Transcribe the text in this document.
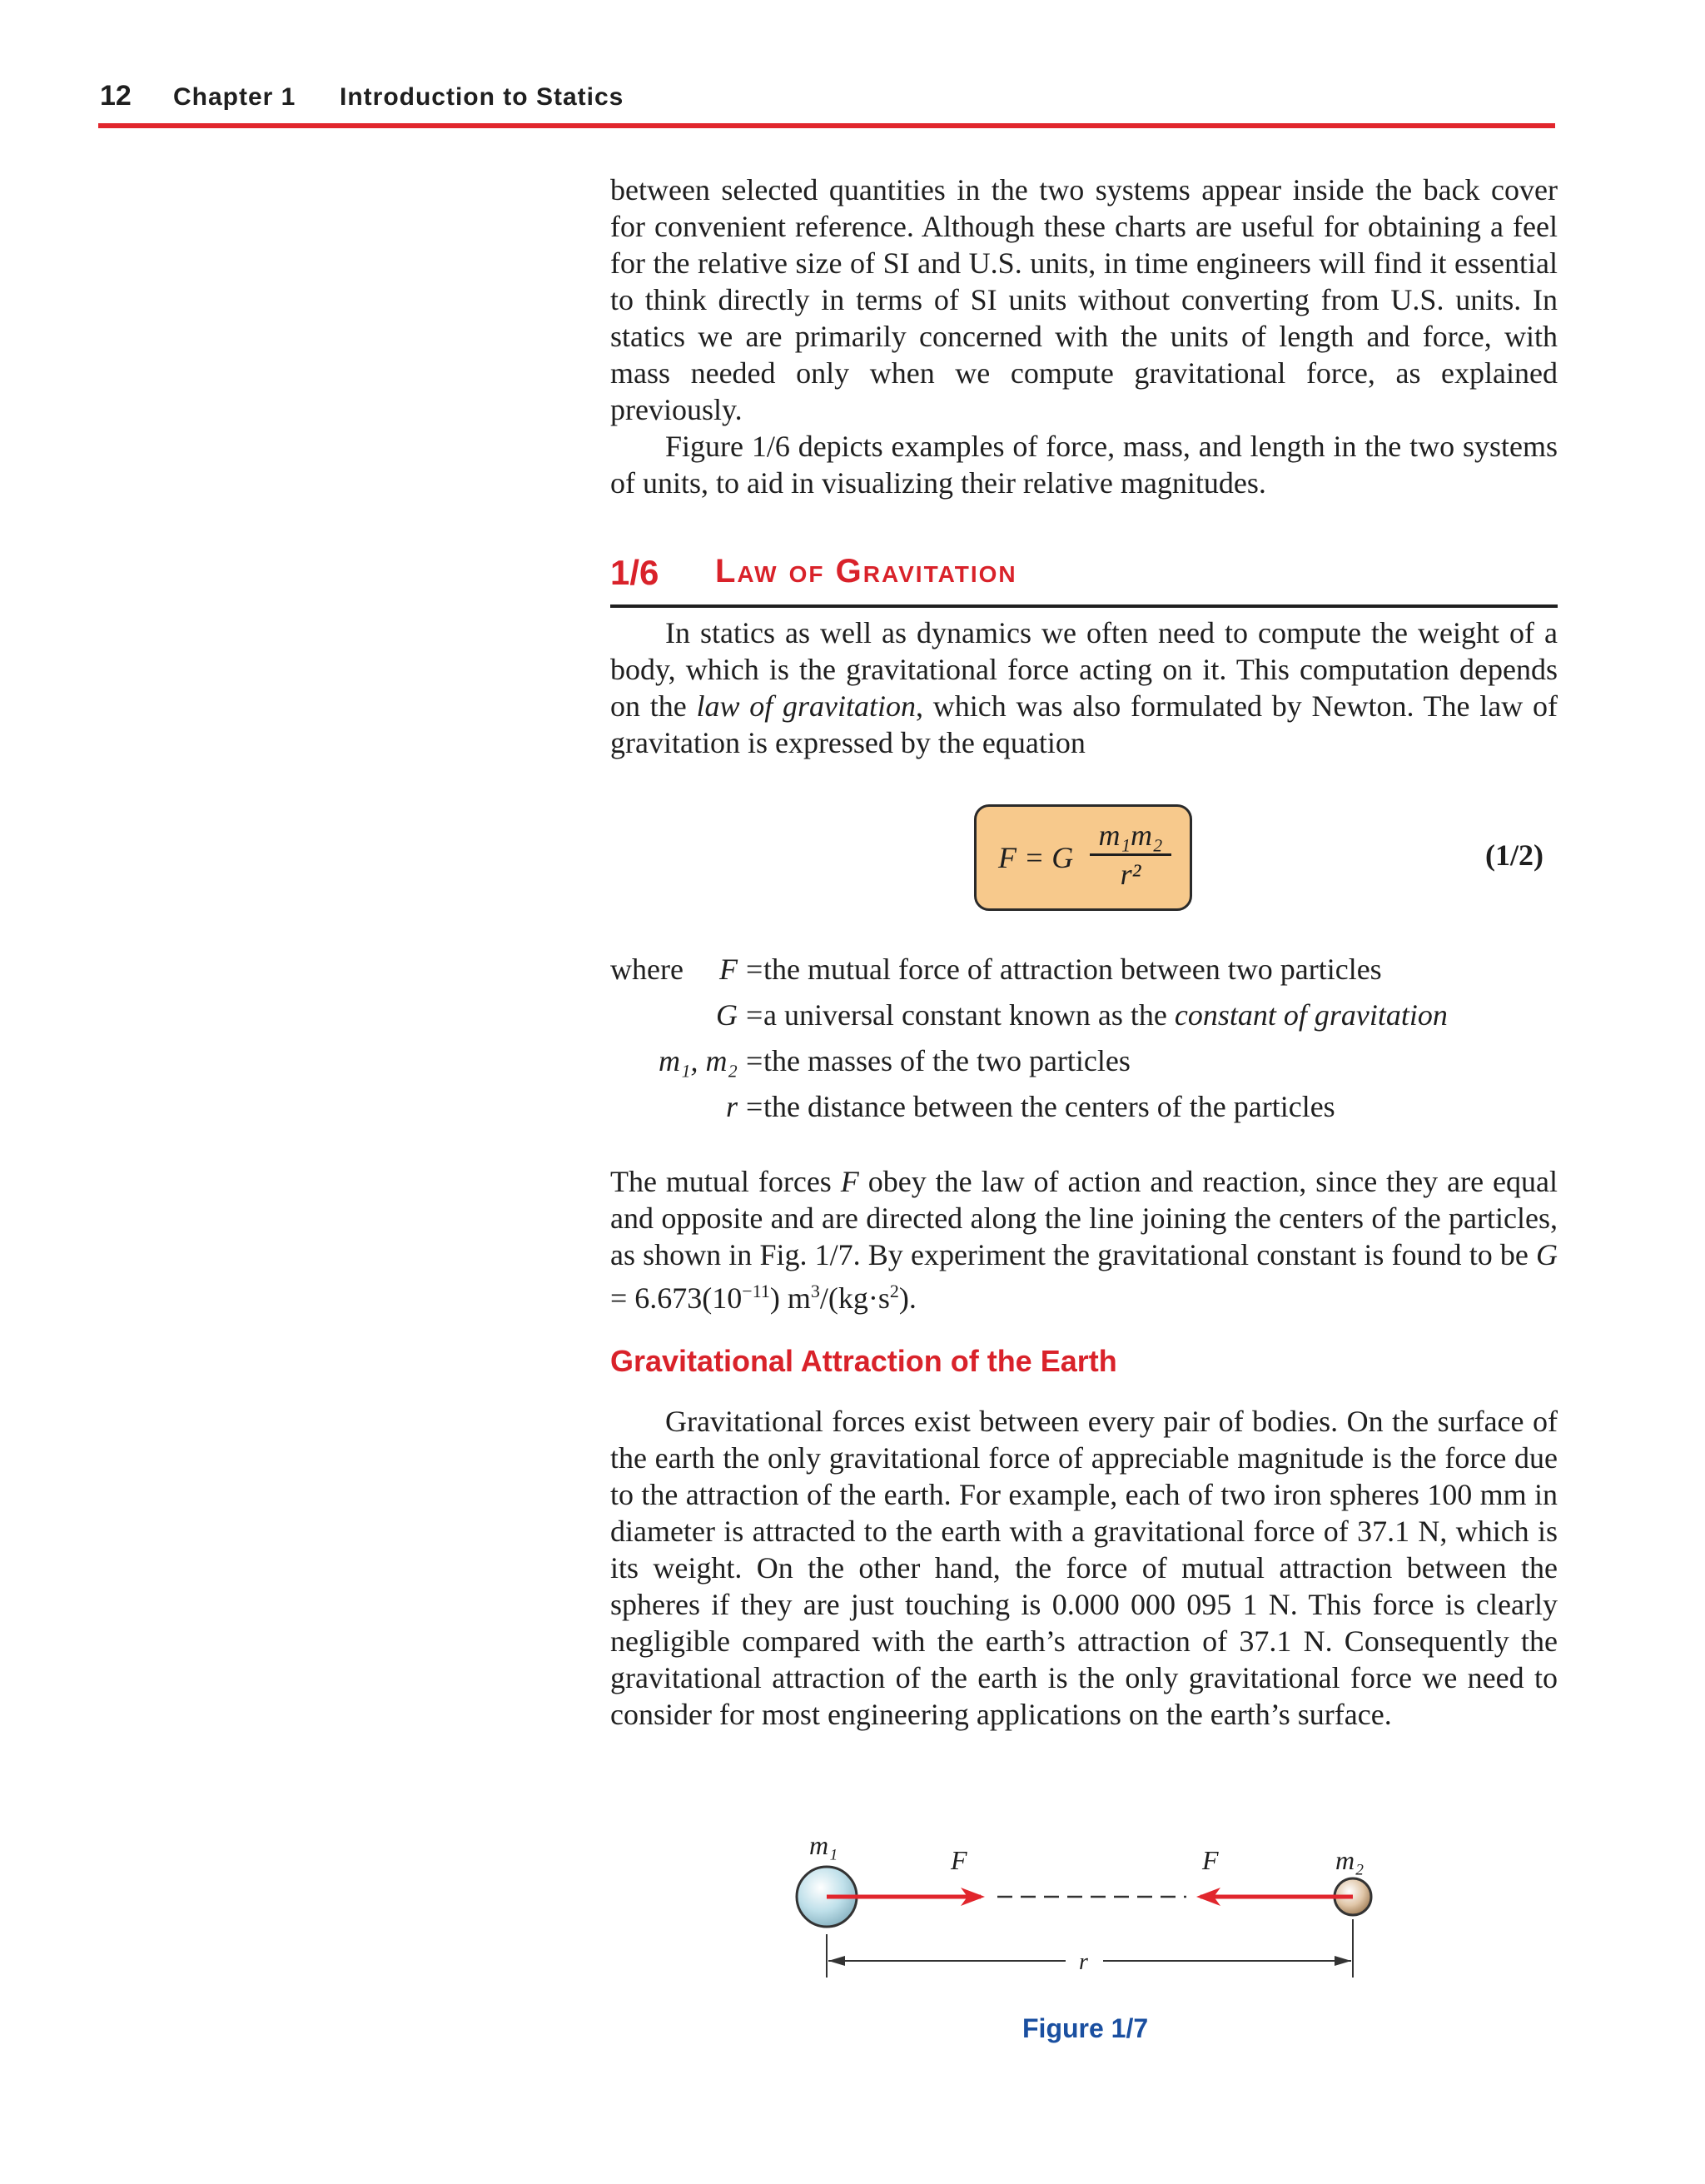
12 Chapter 1 Introduction to Statics

between selected quantities in the two systems appear inside the back cover for convenient reference. Although these charts are useful for obtaining a feel for the relative size of SI and U.S. units, in time engineers will find it essential to think directly in terms of SI units without converting from U.S. units. In statics we are primarily concerned with the units of length and force, with mass needed only when we compute gravitational force, as explained previously.

Figure 1/6 depicts examples of force, mass, and length in the two systems of units, to aid in visualizing their relative magnitudes.

1/6 Law of Gravitation

In statics as well as dynamics we often need to compute the weight of a body, which is the gravitational force acting on it. This computation depends on the law of gravitation, which was also formulated by Newton. The law of gravitation is expressed by the equation

F = G
m₁m₂
r²
(1/2)
where	F = the mutual force of attraction between two particles
G = a universal constant known as the constant of gravitation
m₁, m₂ = the masses of the two particles
r = the distance between the centers of the particles

The mutual forces F obey the law of action and reaction, since they are equal and opposite and are directed along the line joining the centers of the particles, as shown in Fig. 1/7. By experiment the gravitational constant is found to be $G = 6.673(10^{-11})$ $m^3/(kg\cdot s^2)$.

Gravitational Attraction of the Earth

Gravitational forces exist between every pair of bodies. On the surface of the earth the only gravitational force of appreciable magnitude is the force due to the attraction of the earth. For example, each of two iron spheres 100 mm in diameter is attracted to the earth with a gravitational force of 37.1 N, which is its weight. On the other hand, the force of mutual attraction between the spheres if they are just touching is 0.000 000 095 1 N. This force is clearly negligible compared with the earth’s attraction of 37.1 N. Consequently the gravitational attraction of the earth is the only gravitational force we need to consider for most engineering applications on the earth’s surface.

m₁	m₂
F	F
r
Figure 1/7
